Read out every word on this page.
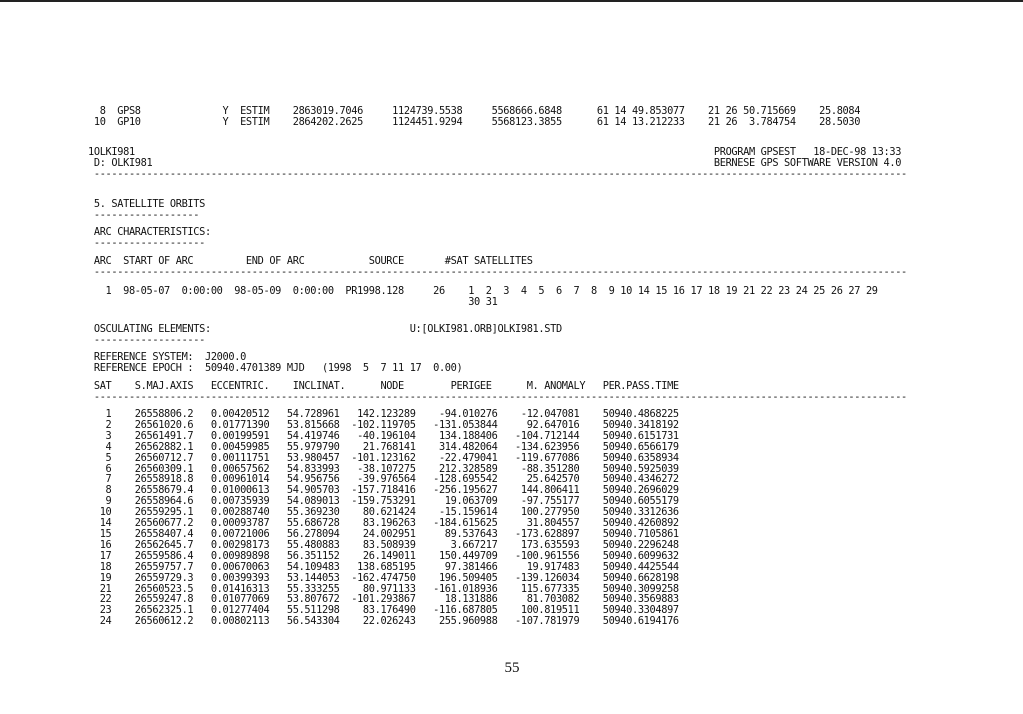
8  GPS8              Y  ESTIM    2863019.7046     1124739.5538     5568666.6848      61 14 49.853077    21 26 50.715669    25.8084
10  GP10              Y  ESTIM    2864202.2625     1124451.9294     5568123.3855      61 14 13.212233    21 26  3.784754    28.5030
1OLKI981                                                                                                   PROGRAM GPSEST   18-DEC-98 13:33
D: OLKI981                                                                                                BERNESE GPS SOFTWARE VERSION 4.0
-------------------------------------------------------------------------------------------------------------------------------------------
5. SATELLITE ORBITS
------------------
ARC CHARACTERISTICS:
-------------------
ARC  START OF ARC         END OF ARC           SOURCE       #SAT SATELLITES
-------------------------------------------------------------------------------------------------------------------------------------------
1  98-05-07  0:00:00  98-05-09  0:00:00  PR1998.128     26    1  2  3  4  5  6  7  8  9 10 14 15 16 17 18 19 21 22 23 24 25 26 27 29
30 31
OSCULATING ELEMENTS:                                  U:[OLKI981.ORB]OLKI981.STD
-------------------
REFERENCE SYSTEM:  J2000.0
REFERENCE EPOCH :  50940.4701389 MJD   (1998  5  7 11 17  0.00)
SAT    S.MAJ.AXIS   ECCENTRIC.    INCLINAT.      NODE        PERIGEE      M. ANOMALY   PER.PASS.TIME
-------------------------------------------------------------------------------------------------------------------------------------------
1    26558806.2   0.00420512   54.728961   142.123289    -94.010276    -12.047081    50940.4868225
2    26561020.6   0.01771390   53.815668  -102.119705   -131.053844     92.647016    50940.3418192
3    26561491.7   0.00199591   54.419746   -40.196104    134.188406   -104.712144    50940.6151731
4    26562882.1   0.00459985   55.979790    21.768141    314.482064   -134.623956    50940.6566179
5    26560712.7   0.00111751   53.980457  -101.123162    -22.479041   -119.677086    50940.6358934
6    26560309.1   0.00657562   54.833993   -38.107275    212.328589    -88.351280    50940.5925039
7    26558918.8   0.00961014   54.956756   -39.976564   -128.695542     25.642570    50940.4346272
8    26558679.4   0.01000613   54.905703  -157.718416   -256.195627    144.806411    50940.2696029
9    26558964.6   0.00735939   54.089013  -159.753291     19.063709    -97.755177    50940.6055179
10    26559295.1   0.00288740   55.369230    80.621424    -15.159614    100.277950    50940.3312636
14    26560677.2   0.00093787   55.686728    83.196263   -184.615625     31.804557    50940.4260892
15    26558407.4   0.00721006   56.278094    24.002951     89.537643   -173.628897    50940.7105861
16    26562645.7   0.00298173   55.480883    83.508939      3.667217    173.635593    50940.2296248
17    26559586.4   0.00989898   56.351152    26.149011    150.449709   -100.961556    50940.6099632
18    26559757.7   0.00670063   54.109483   138.685195     97.381466     19.917483    50940.4425544
19    26559729.3   0.00399393   53.144053  -162.474750    196.509405   -139.126034    50940.6628198
21    26560523.5   0.01416313   55.333255    80.971133   -161.018936    115.677335    50940.3099258
22    26559247.8   0.01077069   53.807672  -101.293867     18.131886     81.703082    50940.3569883
23    26562325.1   0.01277404   55.511298    83.176490   -116.687805    100.819511    50940.3304897
24    26560612.2   0.00802113   56.543304    22.026243    255.960988   -107.781979    50940.6194176
55
